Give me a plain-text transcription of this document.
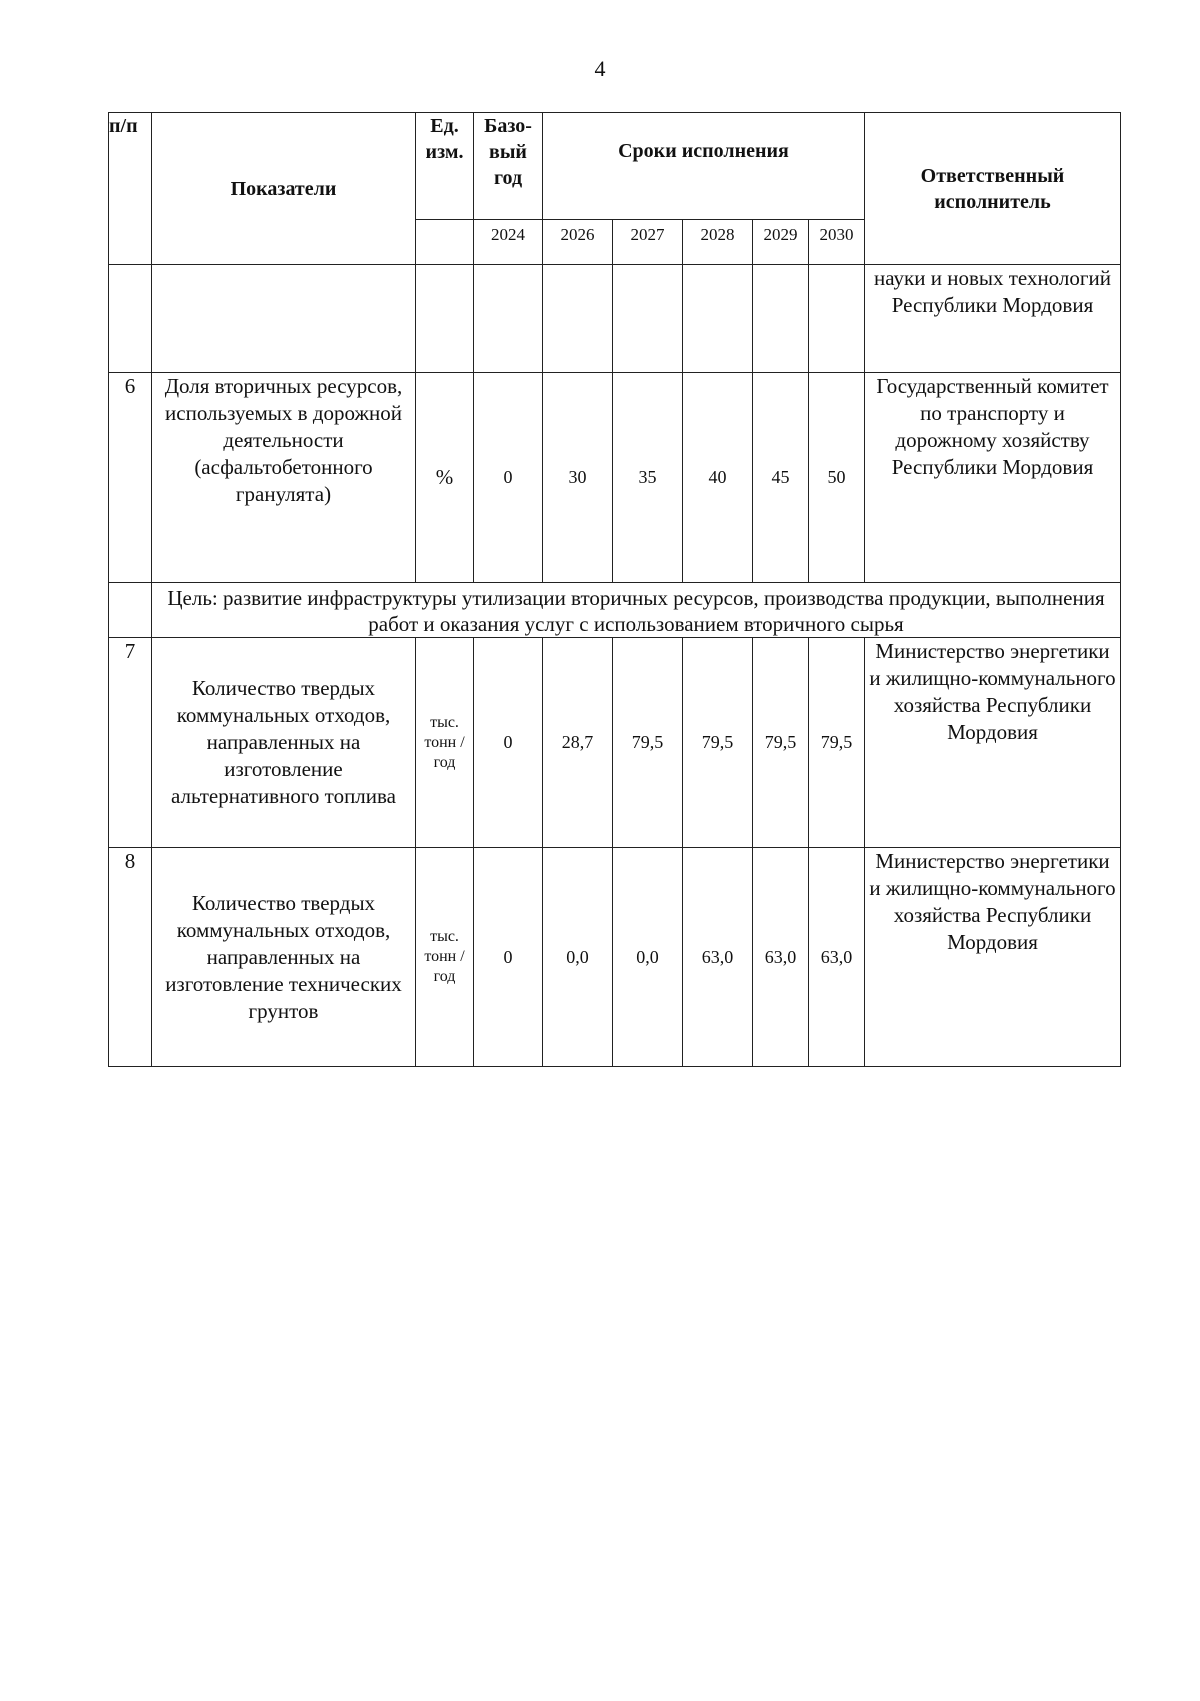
4
п/п	Показатели	Ед. изм.	Базо-вый год	Сроки исполнения					Ответственный исполнитель
			2024	2026	2027	2028	2029	2030	
									науки и новых технологий Республики Мордовия
6	Доля вторичных ресурсов, используемых в дорожной деятельности (асфальтобетонного гранулята)	%	0	30	35	40	45	50	Государственный комитет по транспорту и дорожному хозяйству Республики Мордовия
	Цель: развитие инфраструктуры утилизации вторичных ресурсов, производства продукции, выполнения работ и оказания услуг с использованием вторичного сырья								
7	Количество твердых коммунальных отходов, направленных на изготовление альтернативного топлива	тыс. тонн /год	0	28,7	79,5	79,5	79,5	79,5	Министерство энергетики и жилищно-коммунального хозяйства Республики Мордовия
8	Количество твердых коммунальных отходов, направленных на изготовление технических грунтов	тыс. тонн /год	0	0,0	0,0	63,0	63,0	63,0	Министерство энергетики и жилищно-коммунального хозяйства Республики Мордовия
